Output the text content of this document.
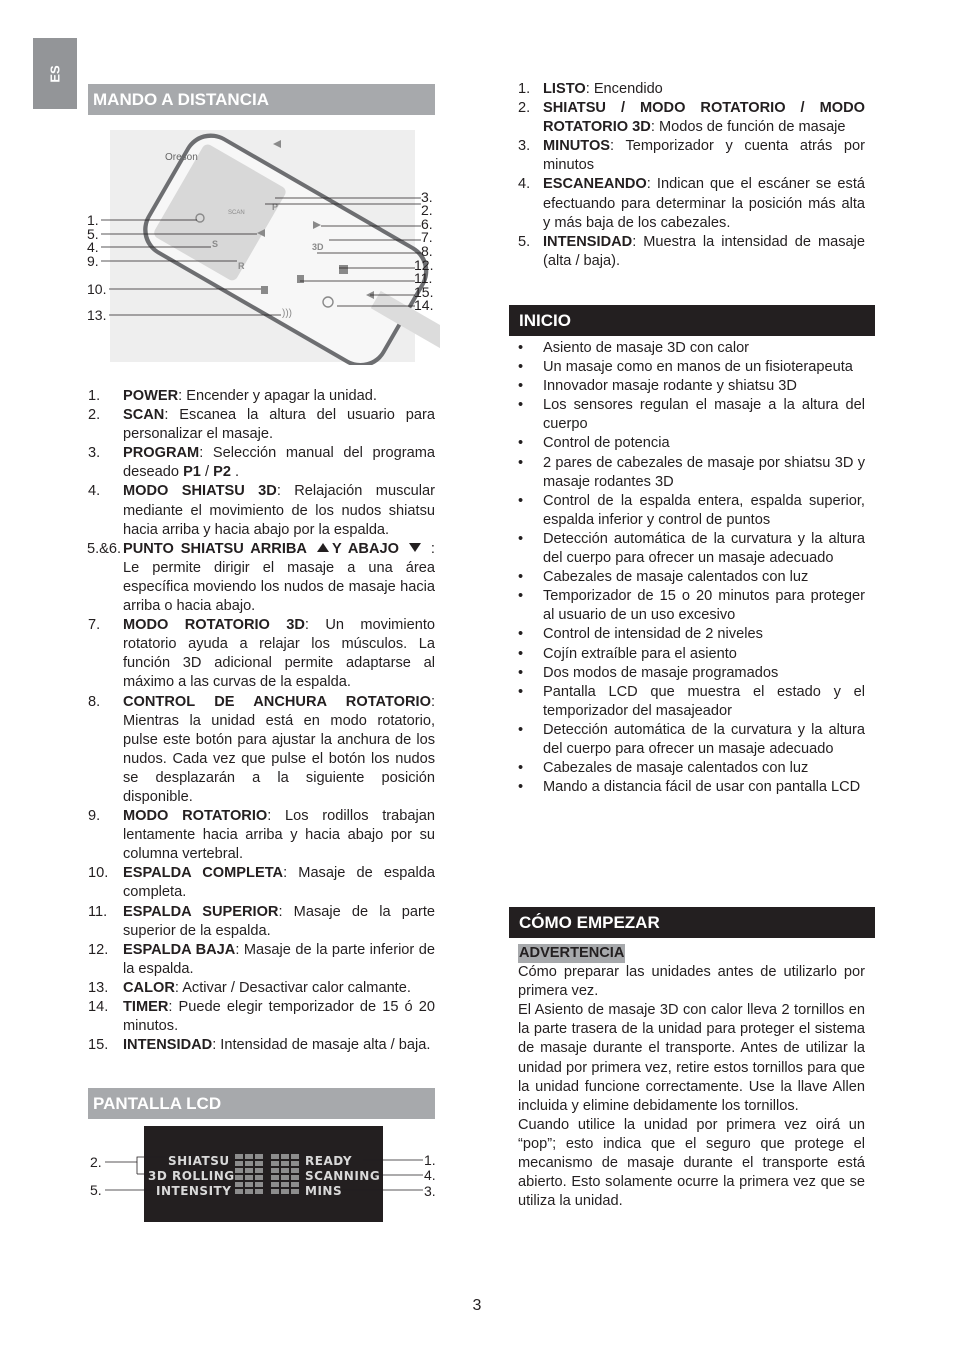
ES
MANDO A DISTANCIA
Oreson
S
R
3D
P
SCAN
)))
1.
5.
4.
9.
10.
13.
3.
2.
6.
7.
8.
12.
11.
15.
14.
1. POWER: Encender y apagar la unidad.
2. SCAN: Escanea la altura del usuario para personalizar el masaje.
3. PROGRAM: Selección manual del programa deseado P1 / P2 .
4. MODO SHIATSU 3D: Relajación muscular mediante el movimiento de los nudos shiatsu hacia arriba y hacia abajo por la espalda.
5.&6. PUNTO SHIATSU ARRIBA Y ABAJO  : Le permite dirigir el masaje a una área específica moviendo los nudos de masaje hacia arriba o hacia abajo.
7. MODO ROTATORIO 3D: Un movimiento rotatorio ayuda a relajar los músculos. La función 3D adicional permite adaptarse al máximo a las curvas de la espalda.
8. CONTROL DE ANCHURA ROTATORIO: Mientras la unidad está en modo rotatorio, pulse este botón para ajustar la anchura de los nudos. Cada vez que pulse el botón los nudos se desplazarán a la siguiente posición disponible.
9. MODO ROTATORIO: Los rodillos trabajan lentamente hacia arriba y hacia abajo por su columna vertebral.
10. ESPALDA COMPLETA: Masaje de espalda completa.
11. ESPALDA SUPERIOR: Masaje de la parte superior de la espalda.
12. ESPALDA BAJA: Masaje de la parte inferior de la espalda.
13. CALOR: Activar / Desactivar calor calmante.
14. TIMER: Puede elegir temporizador de 15 ó 20 minutos.
15. INTENSIDAD: Intensidad de masaje alta / baja.
PANTALLA LCD
SHIATSU
3D ROLLING
INTENSITY
READY
SCANNING
MINS
2.
5.
1.
4.
3.
1. LISTO: Encendido
2. SHIATSU / MODO ROTATORIO / MODO ROTATORIO 3D: Modos de función de masaje
3. MINUTOS: Temporizador y cuenta atrás por minutos
4. ESCANEANDO: Indican que el escáner se está efectuando para determinar la posición más alta y más baja de los cabezales.
5. INTENSIDAD: Muestra la intensidad de masaje (alta / baja).
INICIO
• Asiento de masaje 3D con calor
• Un masaje como en manos de un fisioterapeuta
• Innovador masaje rodante y shiatsu 3D
• Los sensores regulan el masaje a la altura del cuerpo
• Control de potencia
• 2 pares de cabezales de masaje por shiatsu 3D y masaje rodantes 3D
• Control de la espalda entera, espalda superior, espalda inferior y control de puntos
• Detección automática de la curvatura y la altura del cuerpo para ofrecer un masaje adecuado
• Cabezales de masaje calentados con luz
• Temporizador de 15 o 20 minutos para proteger al usuario de un uso excesivo
• Control de intensidad de 2 niveles
• Cojín extraíble para el asiento
• Dos modos de masaje programados
• Pantalla LCD que muestra el estado y el temporizador del masajeador
• Detección automática de la curvatura y la altura del cuerpo para ofrecer un masaje adecuado
• Cabezales de masaje calentados con luz
• Mando a distancia fácil de usar con pantalla LCD
CÓMO EMPEZAR
ADVERTENCIA
Cómo preparar las unidades antes de utilizarlo por primera vez.
El Asiento de masaje 3D con calor lleva 2 tornillos en la parte trasera de la unidad para proteger el sistema de masaje durante el transporte. Antes de utilizar la unidad por primera vez, retire estos tornillos para que la unidad funcione correctamente. Use la llave Allen incluida y elimine debidamente los tornillos.
Cuando utilice la unidad por primera vez oirá un “pop”; esto indica que el seguro que protege el mecanismo de masaje durante el transporte está abierto. Esto solamente ocurre la primera vez que se utiliza la unidad.
3
